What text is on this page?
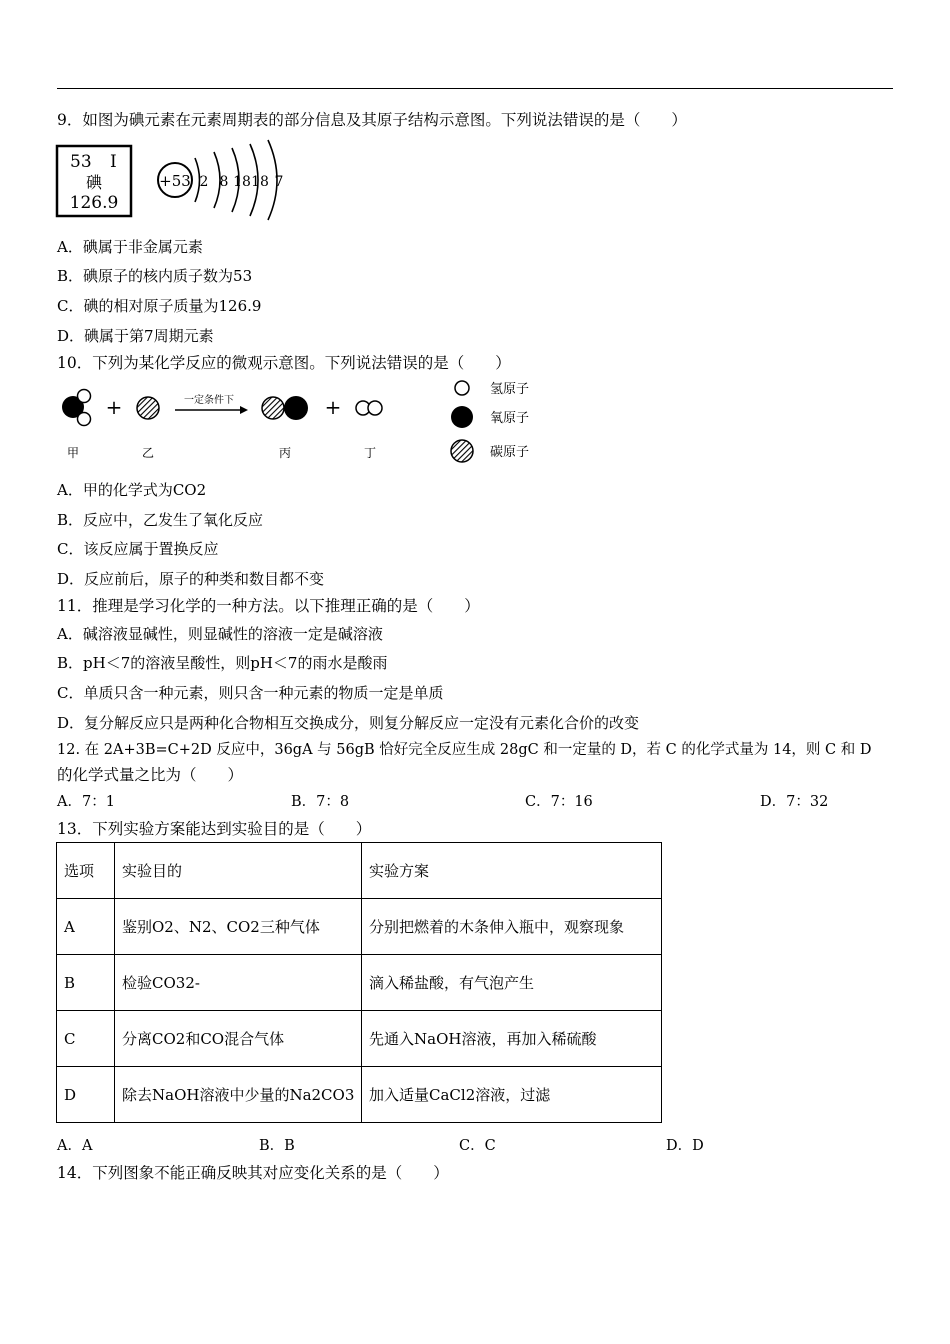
9．如图为碘元素在元素周期表的部分信息及其原子结构示意图。下列说法错误的是（　　）
53 I
碘
126.9
+53 2 8 18 18 7
A．碘属于非金属元素
B．碘原子的核内质子数为53
C．碘的相对原子质量为126.9
D．碘属于第7周期元素
10．下列为某化学反应的微观示意图。下列说法错误的是（　　）
+	一定条件下	+
甲	乙	丙	丁
氢原子
氧原子
碳原子
A．甲的化学式为CO2
B．反应中，乙发生了氧化反应
C．该反应属于置换反应
D．反应前后，原子的种类和数目都不变
11．推理是学习化学的一种方法。以下推理正确的是（　　）
A．碱溶液显碱性，则显碱性的溶液一定是碱溶液
B．pH＜7的溶液呈酸性，则pH＜7的雨水是酸雨
C．单质只含一种元素，则只含一种元素的物质一定是单质
D．复分解反应只是两种化合物相互交换成分，则复分解反应一定没有元素化合价的改变
12. 在 2A+3B=C+2D 反应中，36gA 与 56gB 恰好完全反应生成 28gC 和一定量的 D，若 C 的化学式量为 14，则 C 和 D
的化学式量之比为（　　）
A．7：1	B．7：8	C．7：16	D．7：32
13．下列实验方案能达到实验目的是（　　）
选项	实验目的	实验方案
A	鉴别O2、N2、CO2三种气体	分别把燃着的木条伸入瓶中，观察现象
B	检验CO32-	滴入稀盐酸，有气泡产生
C	分离CO2和CO混合气体	先通入NaOH溶液，再加入稀硫酸
D	除去NaOH溶液中少量的Na2CO3	加入适量CaCl2溶液，过滤
A．A	B．B	C．C	D．D
14．下列图象不能正确反映其对应变化关系的是（　　）
